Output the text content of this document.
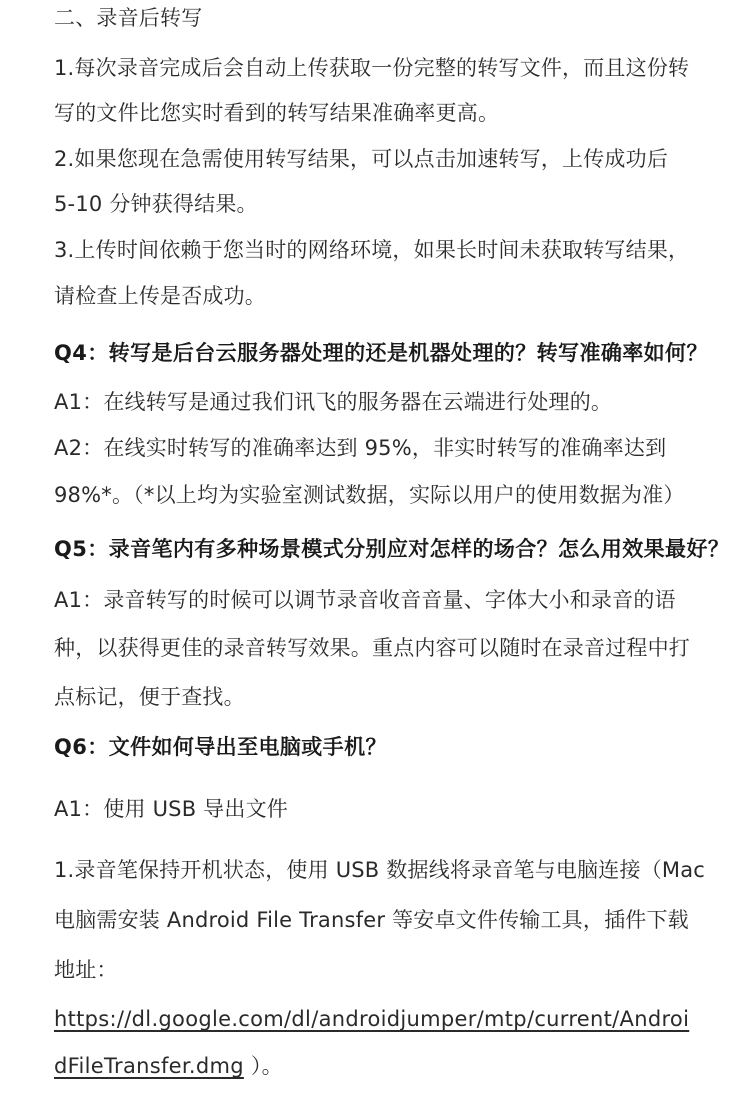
二、录音后转写
1.每次录音完成后会自动上传获取一份完整的转写文件，而且这份转
写的文件比您实时看到的转写结果准确率更高。
2.如果您现在急需使用转写结果，可以点击加速转写，上传成功后
5-10 分钟获得结果。
3.上传时间依赖于您当时的网络环境，如果长时间未获取转写结果，
请检查上传是否成功。
Q4：转写是后台云服务器处理的还是机器处理的？转写准确率如何？
A1：在线转写是通过我们讯飞的服务器在云端进行处理的。
A2：在线实时转写的准确率达到 95%，非实时转写的准确率达到
98%*。（*以上均为实验室测试数据，实际以用户的使用数据为准）
Q5：录音笔内有多种场景模式分别应对怎样的场合？怎么用效果最好？
A1：录音转写的时候可以调节录音收音音量、字体大小和录音的语
种，以获得更佳的录音转写效果。重点内容可以随时在录音过程中打
点标记，便于查找。
Q6：文件如何导出至电脑或手机？
A1：使用 USB 导出文件
1.录音笔保持开机状态，使用 USB 数据线将录音笔与电脑连接（Mac
电脑需安装 Android File Transfer 等安卓文件传输工具，插件下载
地址：
https://dl.google.com/dl/androidjumper/mtp/current/Androi
dFileTransfer.dmg ）。
